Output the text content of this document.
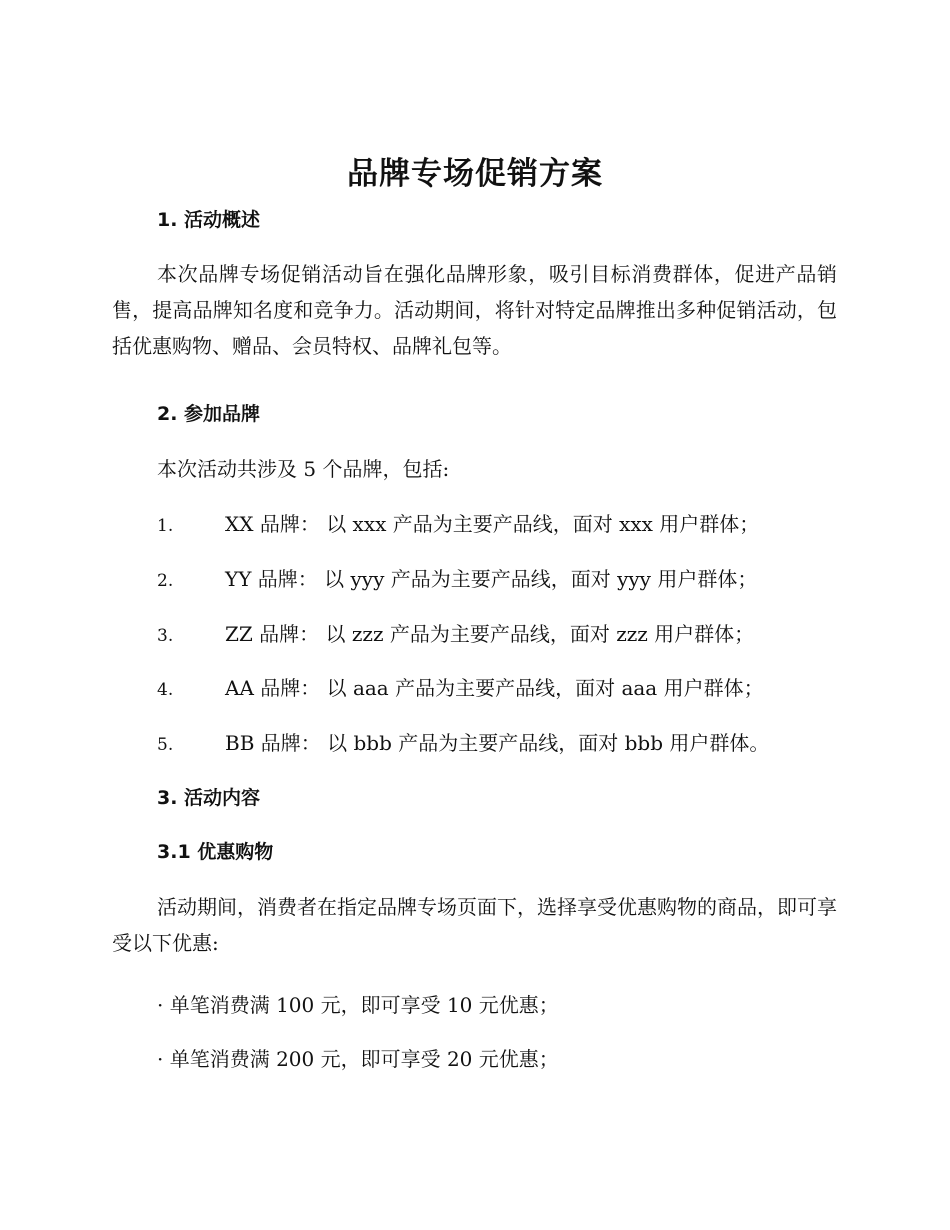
品牌专场促销方案
1. 活动概述

本次品牌专场促销活动旨在强化品牌形象，吸引目标消费群体，促进产品销售，提高品牌知名度和竞争力。活动期间，将针对特定品牌推出多种促销活动，包括优惠购物、赠品、会员特权、品牌礼包等。

2. 参加品牌

本次活动共涉及 5 个品牌，包括:

1.	XX 品牌： 以 xxx 产品为主要产品线，面对 xxx 用户群体；
2.	YY 品牌： 以 yyy 产品为主要产品线，面对 yyy 用户群体；
3.	ZZ 品牌： 以 zzz 产品为主要产品线，面对 zzz 用户群体；
4.	AA 品牌： 以 aaa 产品为主要产品线，面对 aaa 用户群体；
5.	BB 品牌： 以 bbb 产品为主要产品线，面对 bbb 用户群体。
3. 活动内容
3.1 优惠购物

活动期间，消费者在指定品牌专场页面下，选择享受优惠购物的商品，即可享受以下优惠:

· 单笔消费满 100 元，即可享受 10 元优惠；

· 单笔消费满 200 元，即可享受 20 元优惠；
